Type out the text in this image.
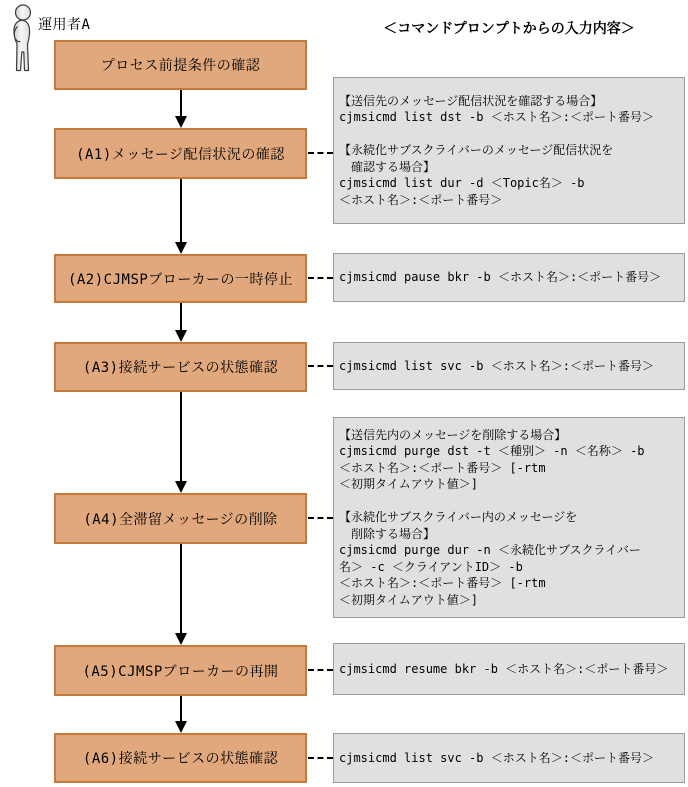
運用者A	＜コマンドプロンプトからの入力内容＞
プロセス前提条件の確認
(A1)メッセージ配信状況の確認
(A2)CJMSPブローカーの一時停止
(A3)接続サービスの状態確認
(A4)全滞留メッセージの削除
(A5)CJMSPブローカーの再開
(A6)接続サービスの状態確認
【送信先のメッセージ配信状況を確認する場合】
cjmsicmd list dst -b ＜ホスト名＞:＜ポート番号＞
【永続化サブスクライバーのメッセージ配信状況を
　確認する場合】
cjmsicmd list dur -d ＜Topic名＞ -b
＜ホスト名＞:＜ポート番号＞
cjmsicmd pause bkr -b ＜ホスト名＞:＜ポート番号＞
cjmsicmd list svc -b ＜ホスト名＞:＜ポート番号＞
【送信先内のメッセージを削除する場合】
cjmsicmd purge dst -t ＜種別＞ -n ＜名称＞ -b
＜ホスト名＞:＜ポート番号＞ [-rtm
＜初期タイムアウト値＞]
【永続化サブスクライバー内のメッセージを
　削除する場合】
cjmsicmd purge dur -n ＜永続化サブスクライバー
名＞ -c ＜クライアントID＞ -b
＜ホスト名＞:＜ポート番号＞ [-rtm
＜初期タイムアウト値＞]
cjmsicmd resume bkr -b ＜ホスト名＞:＜ポート番号＞
cjmsicmd list svc -b ＜ホスト名＞:＜ポート番号＞
